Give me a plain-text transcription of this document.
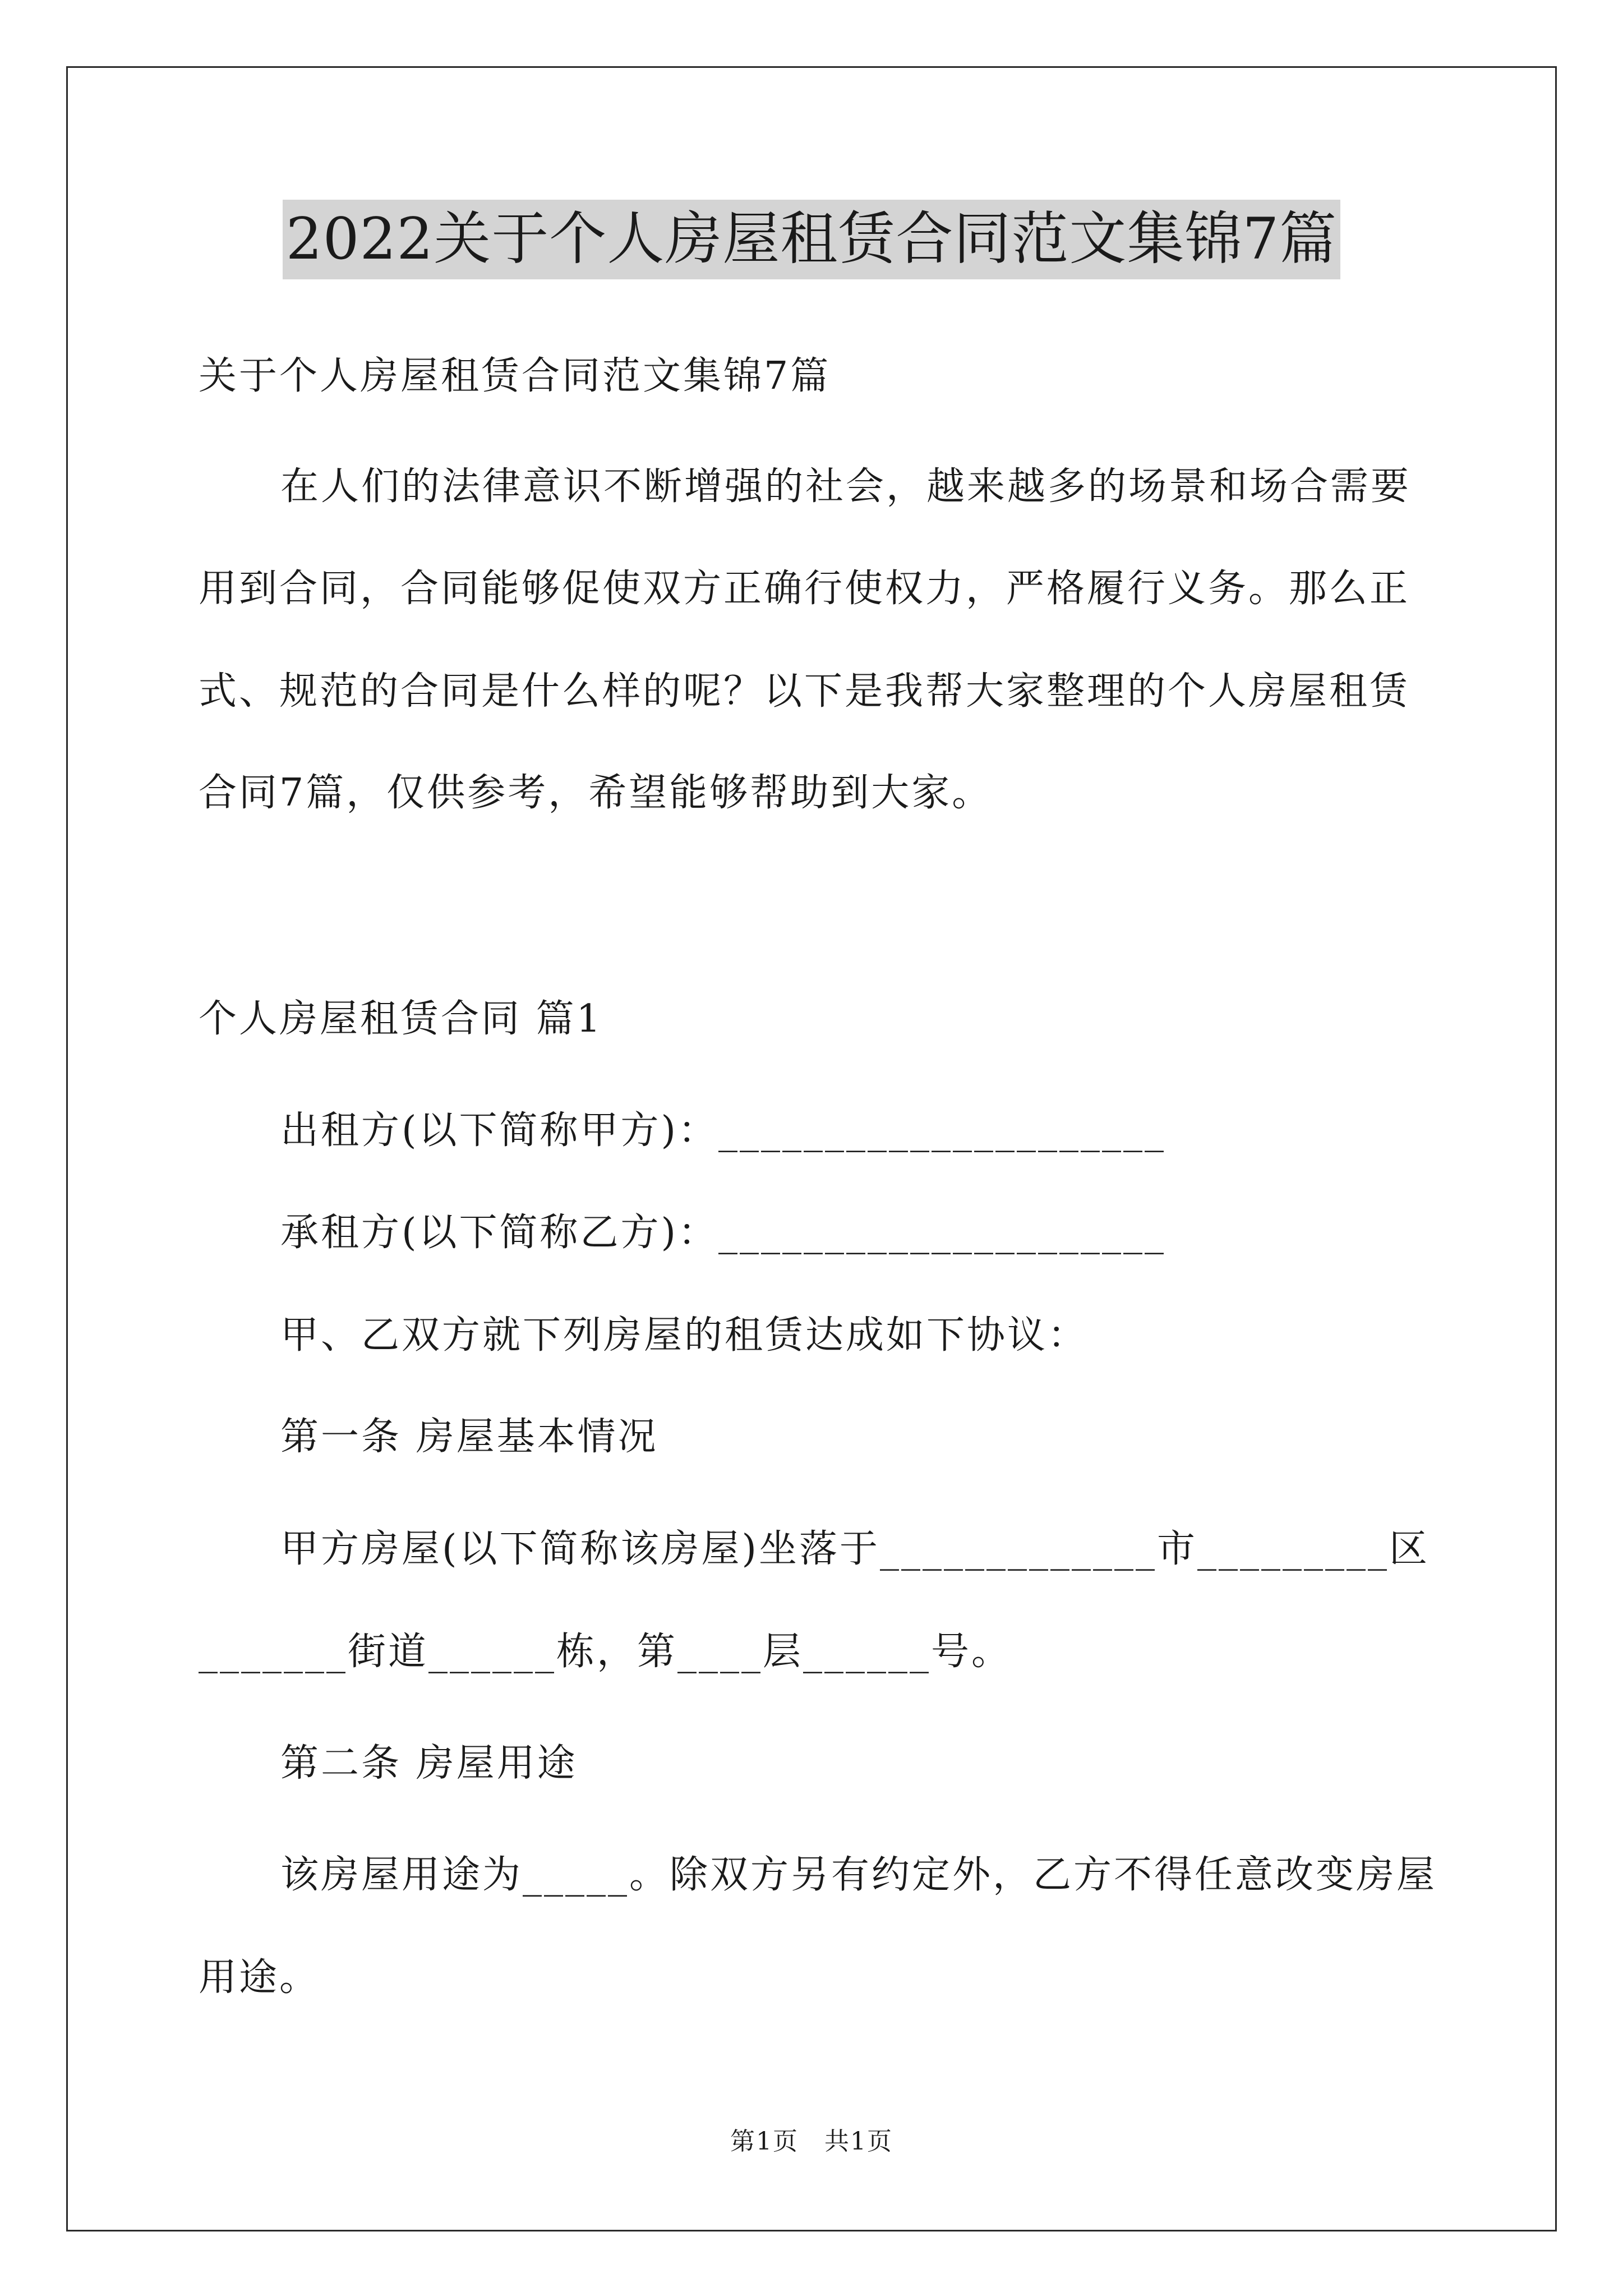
2022关于个人房屋租赁合同范文集锦7篇
关于个人房屋租赁合同范文集锦7篇
在人们的法律意识不断增强的社会，越来越多的场景和场合需要
用到合同，合同能够促使双方正确行使权力，严格履行义务。那么正
式、规范的合同是什么样的呢？以下是我帮大家整理的个人房屋租赁
合同7篇，仅供参考，希望能够帮助到大家。
个人房屋租赁合同 篇1
出租方(以下简称甲方)：_____________________
承租方(以下简称乙方)：_____________________
甲、乙双方就下列房屋的租赁达成如下协议：
第一条 房屋基本情况
甲方房屋(以下简称该房屋)坐落于_____________市_________区
_______街道______栋，第____层______号。
第二条 房屋用途
该房屋用途为_____。除双方另有约定外，乙方不得任意改变房屋
用途。
第1页　共1页
